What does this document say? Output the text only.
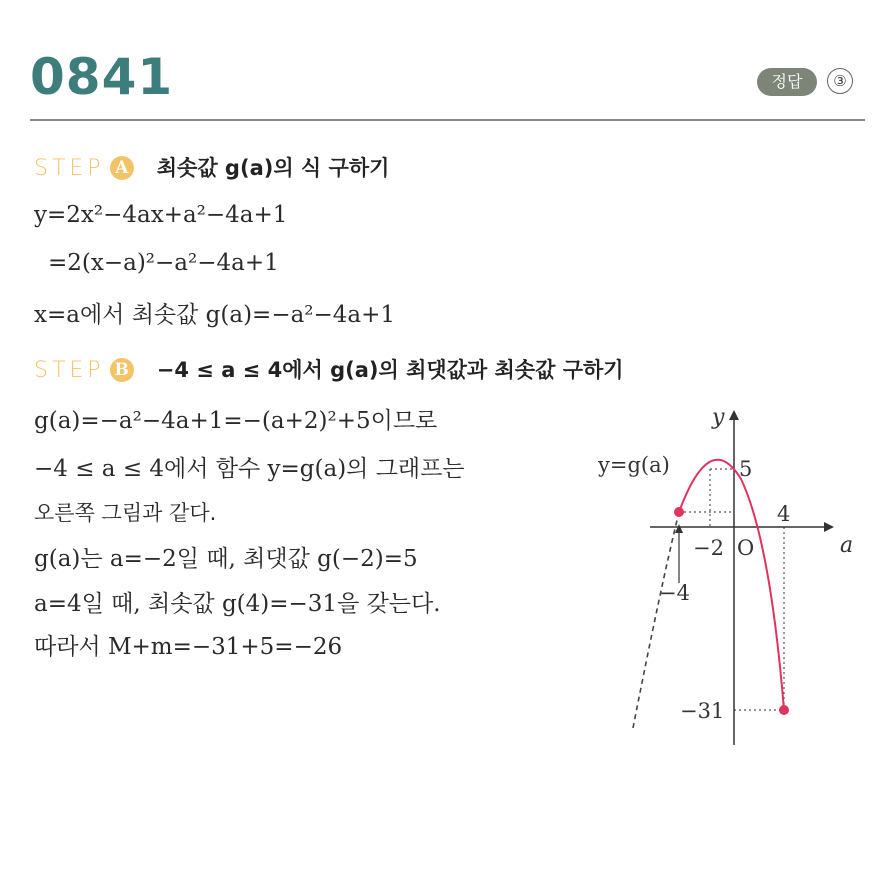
0841	정답	③
STEP A 최솟값 g(a)의 식 구하기
y=2x²−4ax+a²−4a+1
=2(x−a)²−a²−4a+1
x=a에서 최솟값 g(a)=−a²−4a+1
STEP B −4 ≤ a ≤ 4에서 g(a)의 최댓값과 최솟값 구하기
g(a)=−a²−4a+1=−(a+2)²+5이므로
−4 ≤ a ≤ 4에서 함수 y=g(a)의 그래프는
오른쪽 그림과 같다.
g(a)는 a=−2일 때, 최댓값 g(−2)=5
a=4일 때, 최솟값 g(4)=−31을 갖는다.
따라서 M+m=−31+5=−26
y
a
y=g(a)	5
4
−2 O
−4
−31
